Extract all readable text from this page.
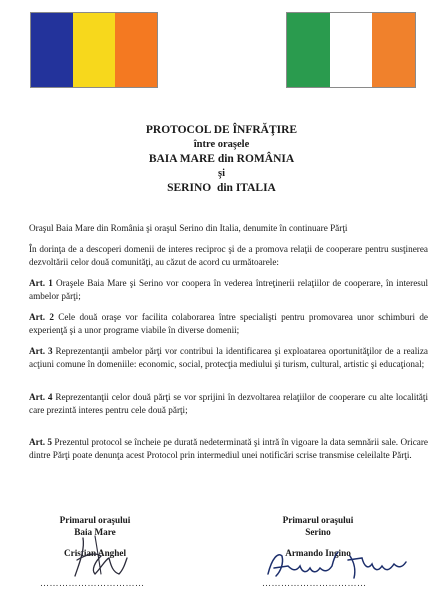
PROTOCOL DE ÎNFRĂŢIRE
între oraşele
BAIA MARE din ROMÂNIA
şi
SERINO  din ITALIA

Oraşul Baia Mare din România şi oraşul Serino din Italia, denumite în continuare Părţi

În dorinţa de a descoperi domenii de interes reciproc şi de a promova relaţii de cooperare pentru susţinerea dezvoltării celor două comunităţi, au căzut de acord cu următoarele:

Art. 1 Oraşele Baia Mare şi Serino vor coopera în vederea întreţinerii relaţiilor de cooperare, în interesul ambelor părţi;

Art. 2 Cele două oraşe vor facilita colaborarea între specialişti pentru promovarea unor schimburi de experienţă şi a unor programe viabile în diverse domenii;

Art. 3 Reprezentanţii ambelor părţi vor contribui la identificarea şi exploatarea oportunităţilor de a realiza acţiuni comune în domeniile: economic, social, protecţia mediului şi turism, cultural, artistic şi educaţional;

Art. 4 Reprezentanţii celor două părţi se vor sprijini în dezvoltarea relaţiilor de cooperare cu alte localităţi care prezintă interes pentru cele două părţi;

Art. 5 Prezentul protocol se încheie pe durată nedeterminată şi intră în vigoare la data semnării sale. Oricare dintre Părţi poate denunţa acest Protocol prin intermediul unei notificări scrise transmise celeilalte Părţi.

Primarul oraşului
Baia Mare
Cristian Anghel
Primarul oraşului
Serino
Armando Ingino
……………………………	……………………………
